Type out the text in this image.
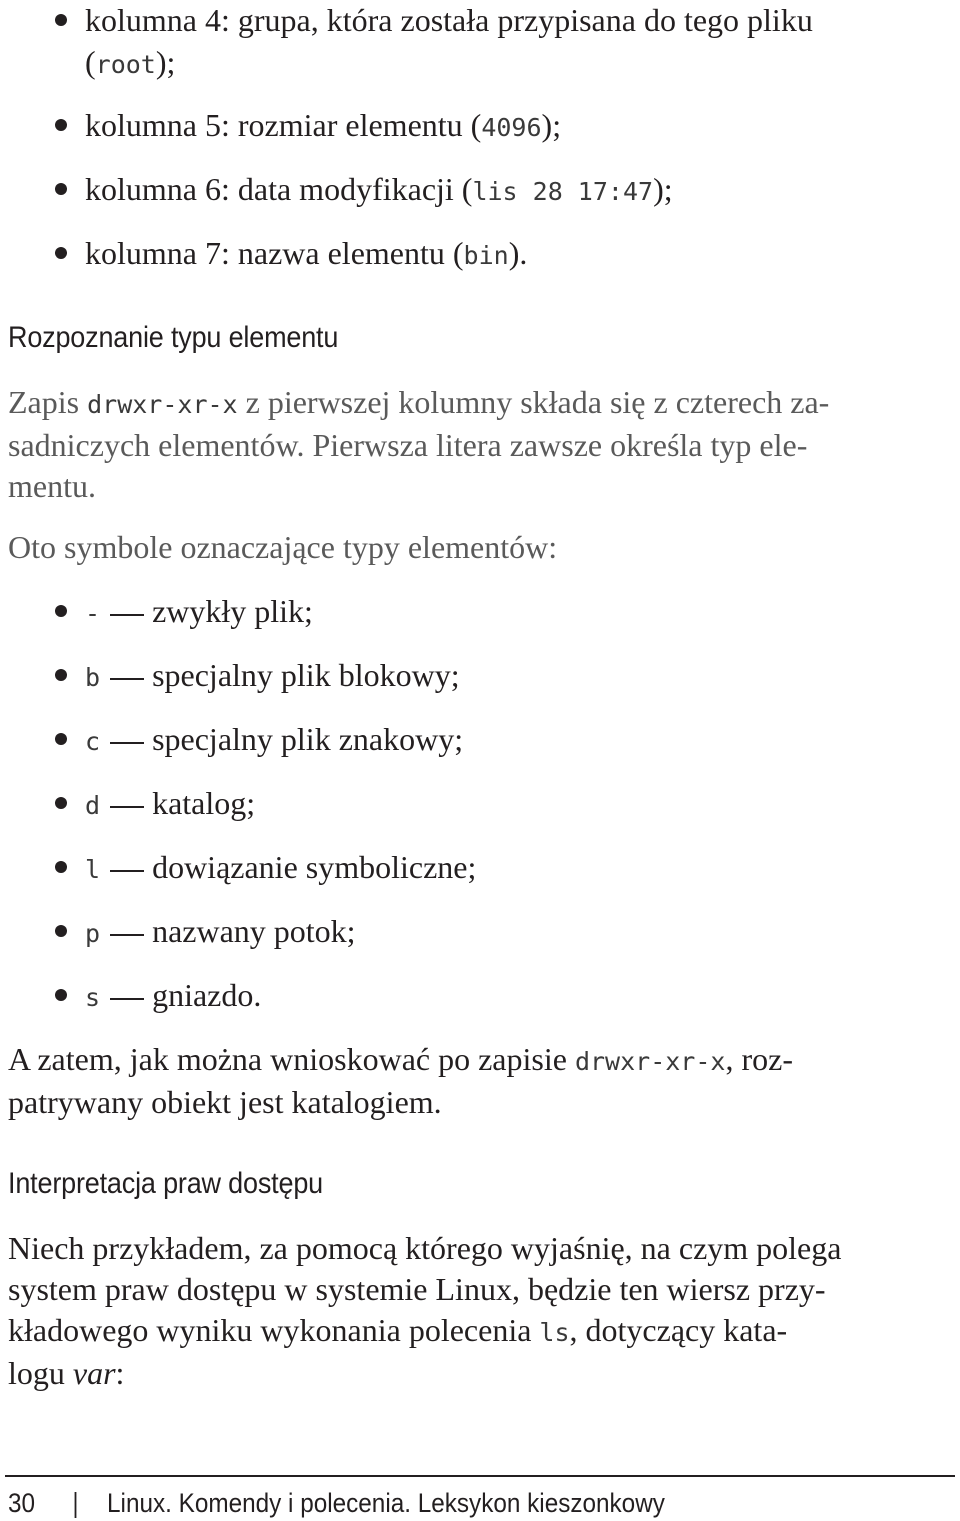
kolumna 4: grupa, która została przypisana do tego pliku
(root);
kolumna 5: rozmiar elementu (4096);
kolumna 6: data modyfikacji (lis 28 17:47);
kolumna 7: nazwa elementu (bin).
Rozpoznanie typu elementu
Zapis drwxr-xr-x z pierwszej kolumny składa się z czterech za-
sadniczych elementów. Pierwsza litera zawsze określa typ ele-
mentu.
Oto symbole oznaczające typy elementów:
- zwykły plik;
b specjalny plik blokowy;
c specjalny plik znakowy;
d katalog;
l dowiązanie symboliczne;
p nazwany potok;
s gniazdo.
A zatem, jak można wnioskować po zapisie drwxr-xr-x, roz-
patrywany obiekt jest katalogiem.
Interpretacja praw dostępu
Niech przykładem, za pomocą którego wyjaśnię, na czym polega
system praw dostępu w systemie Linux, będzie ten wiersz przy-
kładowego wyniku wykonania polecenia ls, dotyczący kata-
logu var:
30	Linux. Komendy i polecenia. Leksykon kieszonkowy
